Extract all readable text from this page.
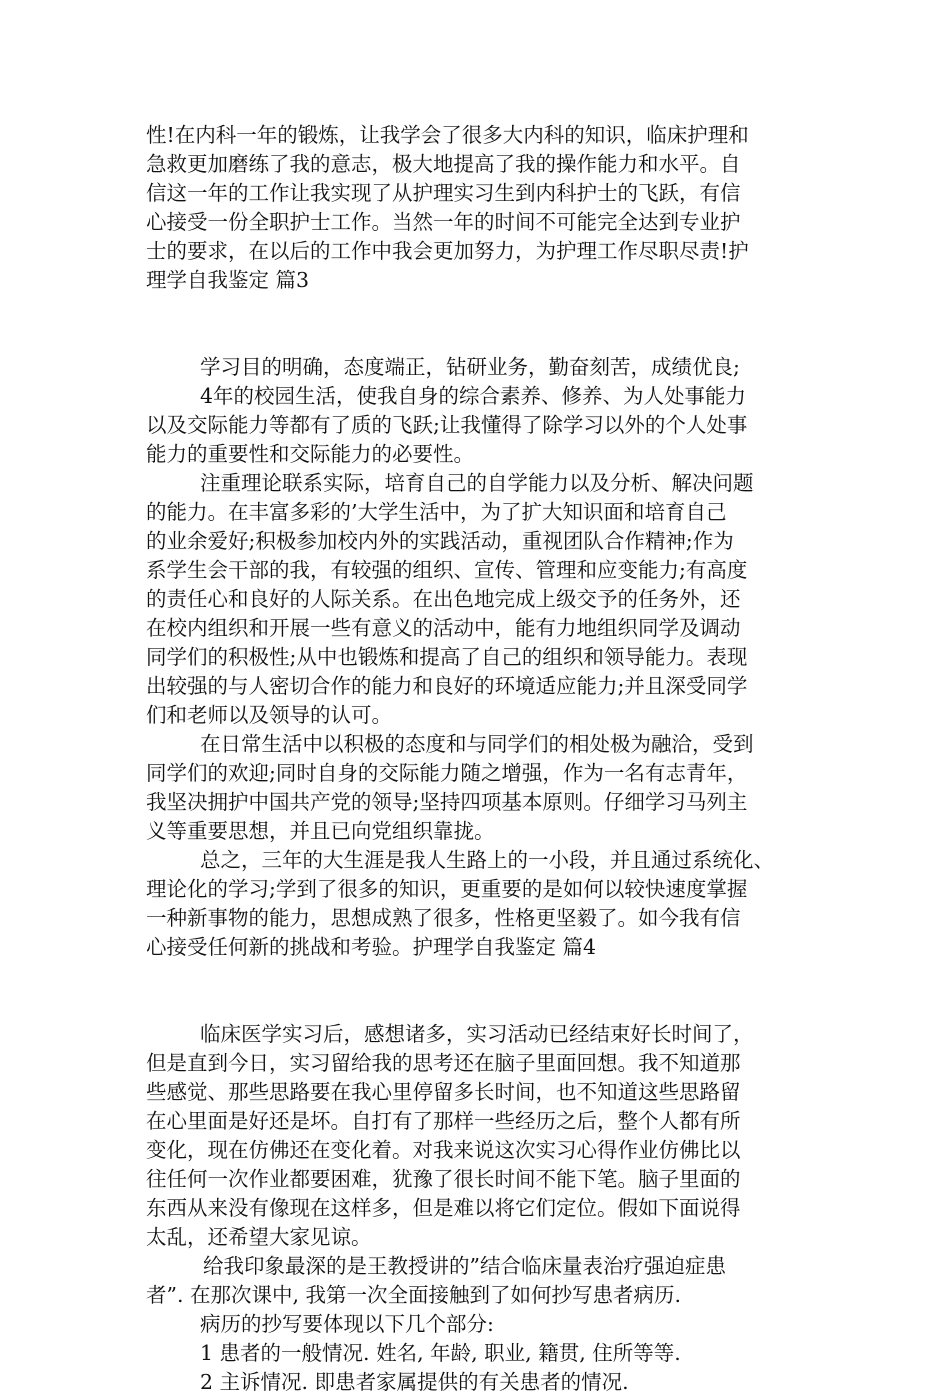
性!在内科一年的锻炼，让我学会了很多大内科的知识，临床护理和
急救更加磨练了我的意志，极大地提高了我的操作能力和水平。自
信这一年的工作让我实现了从护理实习生到内科护士的飞跃，有信
心接受一份全职护士工作。当然一年的时间不可能完全达到专业护
士的要求，在以后的工作中我会更加努力，为护理工作尽职尽责!护
理学自我鉴定 篇3
学习目的明确，态度端正，钻研业务，勤奋刻苦，成绩优良;
4年的校园生活，使我自身的综合素养、修养、为人处事能力
以及交际能力等都有了质的飞跃;让我懂得了除学习以外的个人处事
能力的重要性和交际能力的必要性。
注重理论联系实际，培育自己的自学能力以及分析、解决问题
的能力。在丰富多彩的’大学生活中，为了扩大知识面和培育自己
的业余爱好;积极参加校内外的实践活动，重视团队合作精神;作为
系学生会干部的我，有较强的组织、宣传、管理和应变能力;有高度
的责任心和良好的人际关系。在出色地完成上级交予的任务外，还
在校内组织和开展一些有意义的活动中，能有力地组织同学及调动
同学们的积极性;从中也锻炼和提高了自己的组织和领导能力。表现
出较强的与人密切合作的能力和良好的环境适应能力;并且深受同学
们和老师以及领导的认可。
在日常生活中以积极的态度和与同学们的相处极为融洽，受到
同学们的欢迎;同时自身的交际能力随之增强，作为一名有志青年，
我坚决拥护中国共产党的领导;坚持四项基本原则。仔细学习马列主
义等重要思想，并且已向党组织靠拢。
总之，三年的大生涯是我人生路上的一小段，并且通过系统化、
理论化的学习;学到了很多的知识，更重要的是如何以较快速度掌握
一种新事物的能力，思想成熟了很多，性格更坚毅了。如今我有信
心接受任何新的挑战和考验。护理学自我鉴定 篇4
临床医学实习后，感想诸多，实习活动已经结束好长时间了，
但是直到今日，实习留给我的思考还在脑子里面回想。我不知道那
些感觉、那些思路要在我心里停留多长时间，也不知道这些思路留
在心里面是好还是坏。自打有了那样一些经历之后，整个人都有所
变化，现在仿佛还在变化着。对我来说这次实习心得作业仿佛比以
往任何一次作业都要困难，犹豫了很长时间不能下笔。脑子里面的
东西从来没有像现在这样多，但是难以将它们定位。假如下面说得
太乱，还希望大家见谅。
给我印象最深的是王教授讲的”结合临床量表治疗强迫症患
者”. 在那次课中, 我第一次全面接触到了如何抄写患者病历.
病历的抄写要体现以下几个部分:
1 患者的一般情况. 姓名, 年龄, 职业, 籍贯, 住所等等.
2 主诉情况. 即患者家属提供的有关患者的情况.
